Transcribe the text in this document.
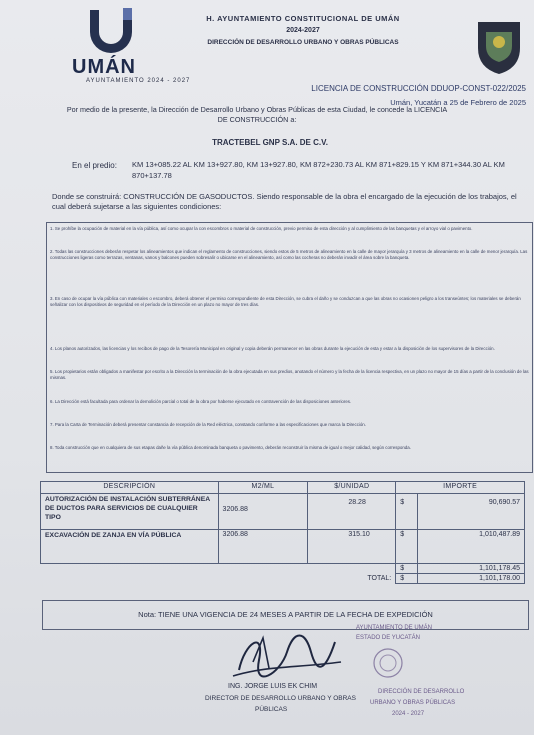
UMÁN
AYUNTAMIENTO 2024 - 2027
H. AYUNTAMIENTO CONSTITUCIONAL DE UMÁN
2024-2027
DIRECCIÓN DE DESARROLLO URBANO Y OBRAS PÚBLICAS
LICENCIA DE CONSTRUCCIÓN DDUOP-CONST-022/2025
Umán, Yucatán a 25 de Febrero de 2025
Por medio de la presente, la Dirección de Desarrollo Urbano y Obras Públicas de esta Ciudad, le concede la LICENCIA DE CONSTRUCCIÓN a:
TRACTEBEL GNP S.A. DE C.V.
En el predio: KM 13+085.22 AL KM 13+927.80, KM 13+927.80, KM 872+230.73 AL KM 871+829.15 Y KM 871+344.30 AL KM 870+137.78
Donde se construirá: CONSTRUCCIÓN DE GASODUCTOS. Siendo responsable de la obra el encargado de la ejecución de los trabajos, el cual deberá sujetarse a las siguientes condiciones:
1. Se prohíbe la ocupación de material en la vía pública, así como ocupar la con escombros o material de construcción, previo permiso de esta dirección y al cumplimiento de las banquetas y el arroyo vial o pavimento.
2. Todas las construcciones deberán respetar los alineamientos que indican el reglamento de construcciones, siendo estos de 5 metros de alineamiento en la calle de mayor jerarquía y 3 metros de alineamiento en la calle de menor jerarquía. Las construcciones ligeras como terrazas, ventanas, vanos y balcones pueden sobresalir o ubicarse en el alineamiento, así como las cocheras no deberán invadir el área sobre la banqueta.
3. En caso de ocupar la vía pública con materiales o escombro, deberá obtener el permiso correspondiente de esta Dirección, se cubra el daño y se conduzcan a que las obras no ocasionen peligro a los transeúntes; los materiales se deberán señalizar con los dispositivos de seguridad en el período de la Dirección en un plazo no mayor de tres días.
4. Los planos autorizados, las licencias y los recibos de pago de la Tesorería Municipal en original y copia deberán permanecer en las obras durante la ejecución de esta y estar a la disposición de los supervisores de la Dirección.
5. Los propietarios están obligados a manifestar por escrito a la Dirección la terminación de la obra ejecutada en sus predios, anotando el número y la fecha de la licencia respectiva, en un plazo no mayor de 15 días a partir de la conclusión de las mismas.
6. La Dirección está facultada para ordenar la demolición parcial o total de la obra por haberse ejecutado en contravención de las disposiciones anteriores.
7. Para la Carta de Terminación deberá presentar constancia de recepción de la Red eléctrica, constando conforme a las especificaciones que marca la Dirección.
8. Toda construcción que en cualquiera de sus etapas dañe la vía pública denominada banqueta o pavimento, deberán reconstruir la misma de igual o mejor calidad, según corresponda.
DESCRIPCIÓN	M2/ML	$/UNIDAD	IMPORTE	
AUTORIZACIÓN DE INSTALACIÓN SUBTERRÁNEA DE DUCTOS PARA SERVICIOS DE CUALQUIER TIPO	3206.88	28.28	$	90,690.57
EXCAVACIÓN DE ZANJA EN VÍA PÚBLICA	3206.88	315.10	$	1,010,487.89
			$	1,101,178.45
		TOTAL:	$	1,101,178.00
Nota: TIENE UNA VIGENCIA DE 24 MESES A PARTIR DE LA FECHA DE EXPEDICIÓN
ING. JORGE LUIS EK CHIM
DIRECTOR DE DESARROLLO URBANO Y OBRAS
PÚBLICAS
AYUNTAMIENTO DE UMÁN
ESTADO DE YUCATÁN
DIRECCIÓN DE DESARROLLO
URBANO Y OBRAS PÚBLICAS
2024 - 2027
